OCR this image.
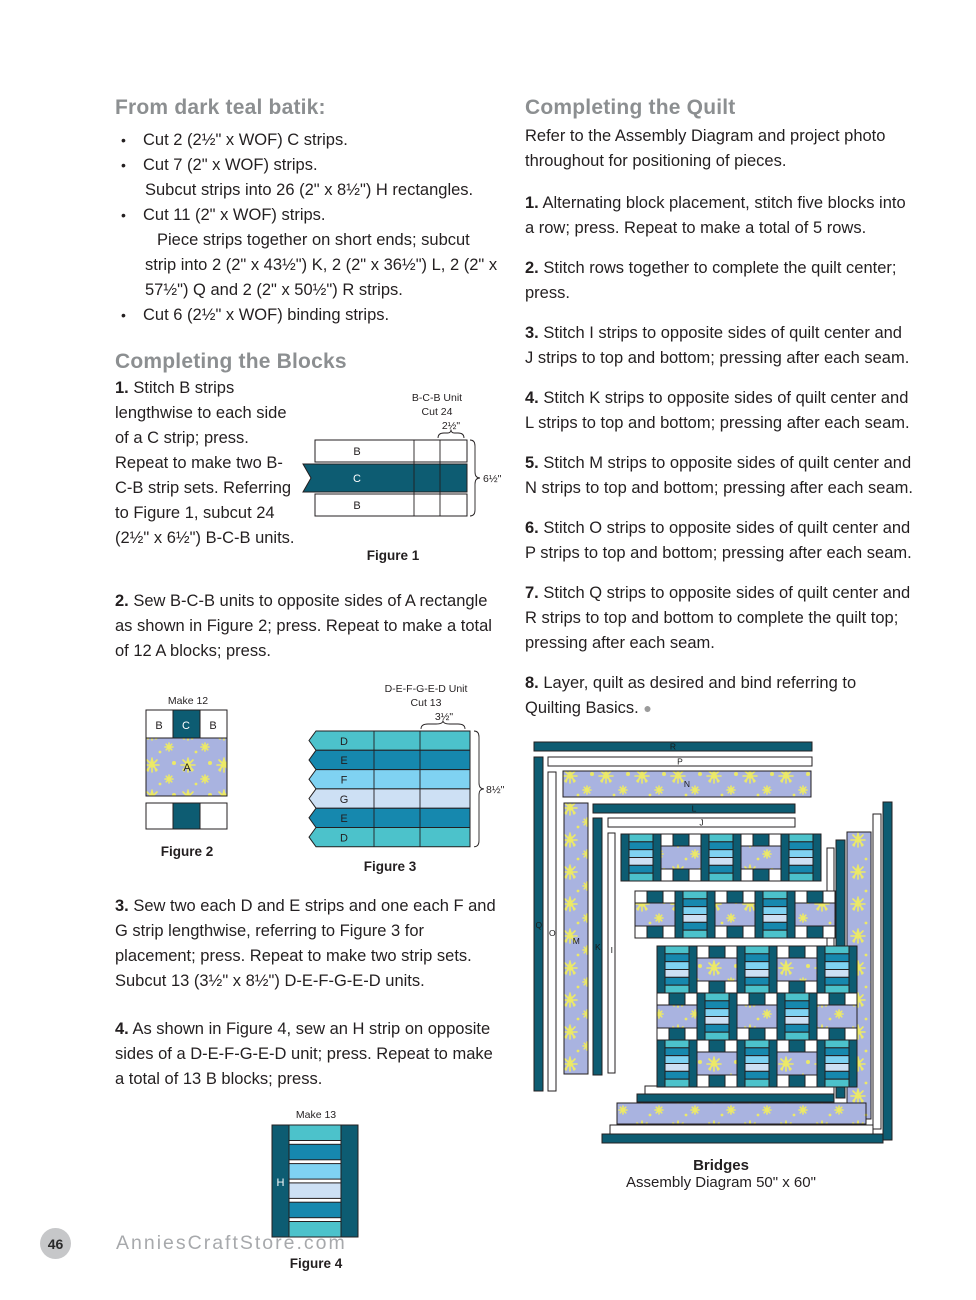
From dark teal batik:
•	Cut 2 (2½" x WOF) C strips.
•	Cut 7 (2" x WOF) strips.
Subcut strips into 26 (2" x 8½") H rectangles.
•	Cut 11 (2" x WOF) strips.
Piece strips together on short ends; subcut strip into 2 (2" x 43½") K, 2 (2" x 36½") L, 2 (2" x 57½") Q and 2 (2" x 50½") R strips.
•	Cut 6 (2½" x WOF) binding strips.
Completing the Blocks

1. Stitch B strips lengthwise to each side of a C strip; press. Repeat to make two B-C-B strip sets. Referring to Figure 1, subcut 24 (2½" x 6½") B-C-B units.

B-C-B Unit
Cut 24
2½"
B
C
B
6½"
Figure 1

2. Sew B-C-B units to opposite sides of A rectangle as shown in Figure 2; press. Repeat to make a total of 12 A blocks; press.

Make 12
B C B
A
Figure 2
D-E-F-G-E-D Unit
Cut 13
3½"
D
E
F
G
E
D
8½"
Figure 3

3. Sew two each D and E strips and one each F and G strip lengthwise, referring to Figure 3 for placement; press. Repeat to make two strip sets. Subcut 13 (3½" x 8½") D-E-F-G-E-D units.

4. As shown in Figure 4, sew an H strip on opposite sides of a D-E-F-G-E-D unit; press. Repeat to make a total of 13 B blocks; press.

Make 13
H
Figure 4
Completing the Quilt

Refer to the Assembly Diagram and project photo throughout for positioning of pieces.

1. Alternating block placement, stitch five blocks into a row; press. Repeat to make a total of 5 rows.

2. Stitch rows together to complete the quilt center; press.

3. Stitch I strips to opposite sides of quilt center and J strips to top and bottom; pressing after each seam.

4. Stitch K strips to opposite sides of quilt center and L strips to top and bottom; pressing after each seam.

5. Stitch M strips to opposite sides of quilt center and N strips to top and bottom; pressing after each seam.

6. Stitch O strips to opposite sides of quilt center and P strips to top and bottom; pressing after each seam.

7. Stitch Q strips to opposite sides of quilt center and R strips to top and bottom to complete the quilt top; pressing after each seam.

8. Layer, quilt as desired and bind referring to Quilting Basics. ●

R
P
N
L
J
Q
O
M
K I
Bridges
Assembly Diagram 50" x 60"
46	AnniesCraftStore.com
